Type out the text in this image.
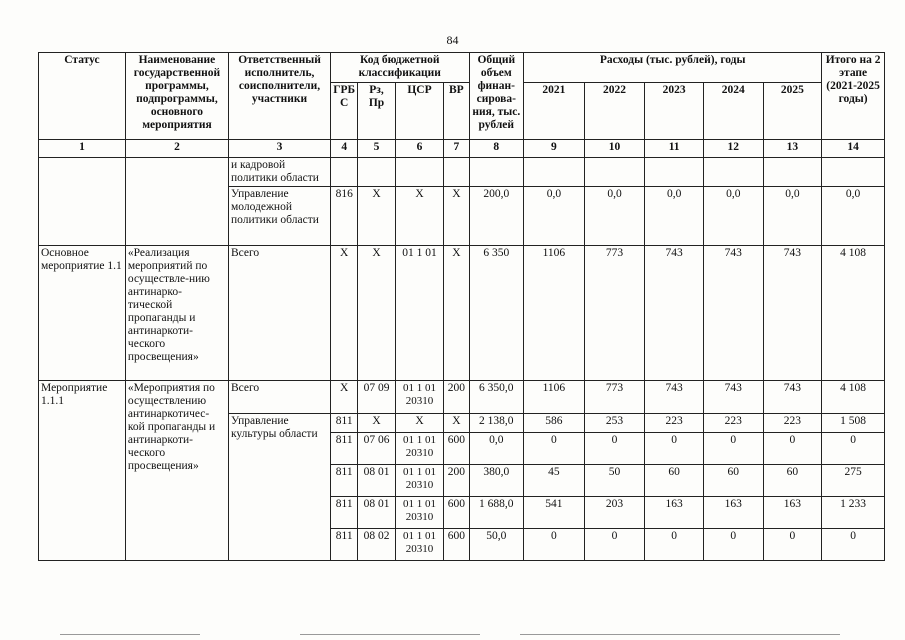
84
Статус	Наименование государственной программы, подпрограммы, основного мероприятия	Ответственный исполнитель, соисполнители, участники	Код бюджетной классификации				Общий объем финан-сирова-ния, тыс. рублей	Расходы (тыс. рублей), годы					Итого на 2 этапе (2021-2025 годы)
			ГРБ С	Рз, Пр	ЦСР	ВР		2021	2022	2023	2024	2025	
1	2	3	4	5	6	7	8	9	10	11	12	13	14
		и кадровой политики области											
		Управление молодежной политики области	816	Х	Х	Х	200,0	0,0	0,0	0,0	0,0	0,0	0,0
Основное мероприятие 1.1	«Реализация мероприятий по осуществле-нию антинарко-тической пропаганды и антинаркоти-ческого просвещения»	Всего	Х	Х	01 1 01	Х	6 350	1106	773	743	743	743	4 108
Мероприятие 1.1.1	«Мероприятия по осуществлению антинаркотичес-кой пропаганды и антинаркоти-ческого просвещения»	Всего	Х	07 09	01 1 01 20310	200	6 350,0	1106	773	743	743	743	4 108
		Управление культуры области	811	Х	Х	Х	2 138,0	586	253	223	223	223	1 508
			811	07 06	01 1 01 20310	600	0,0	0	0	0	0	0	0
			811	08 01	01 1 01 20310	200	380,0	45	50	60	60	60	275
			811	08 01	01 1 01 20310	600	1 688,0	541	203	163	163	163	1 233
			811	08 02	01 1 01 20310	600	50,0	0	0	0	0	0	0
